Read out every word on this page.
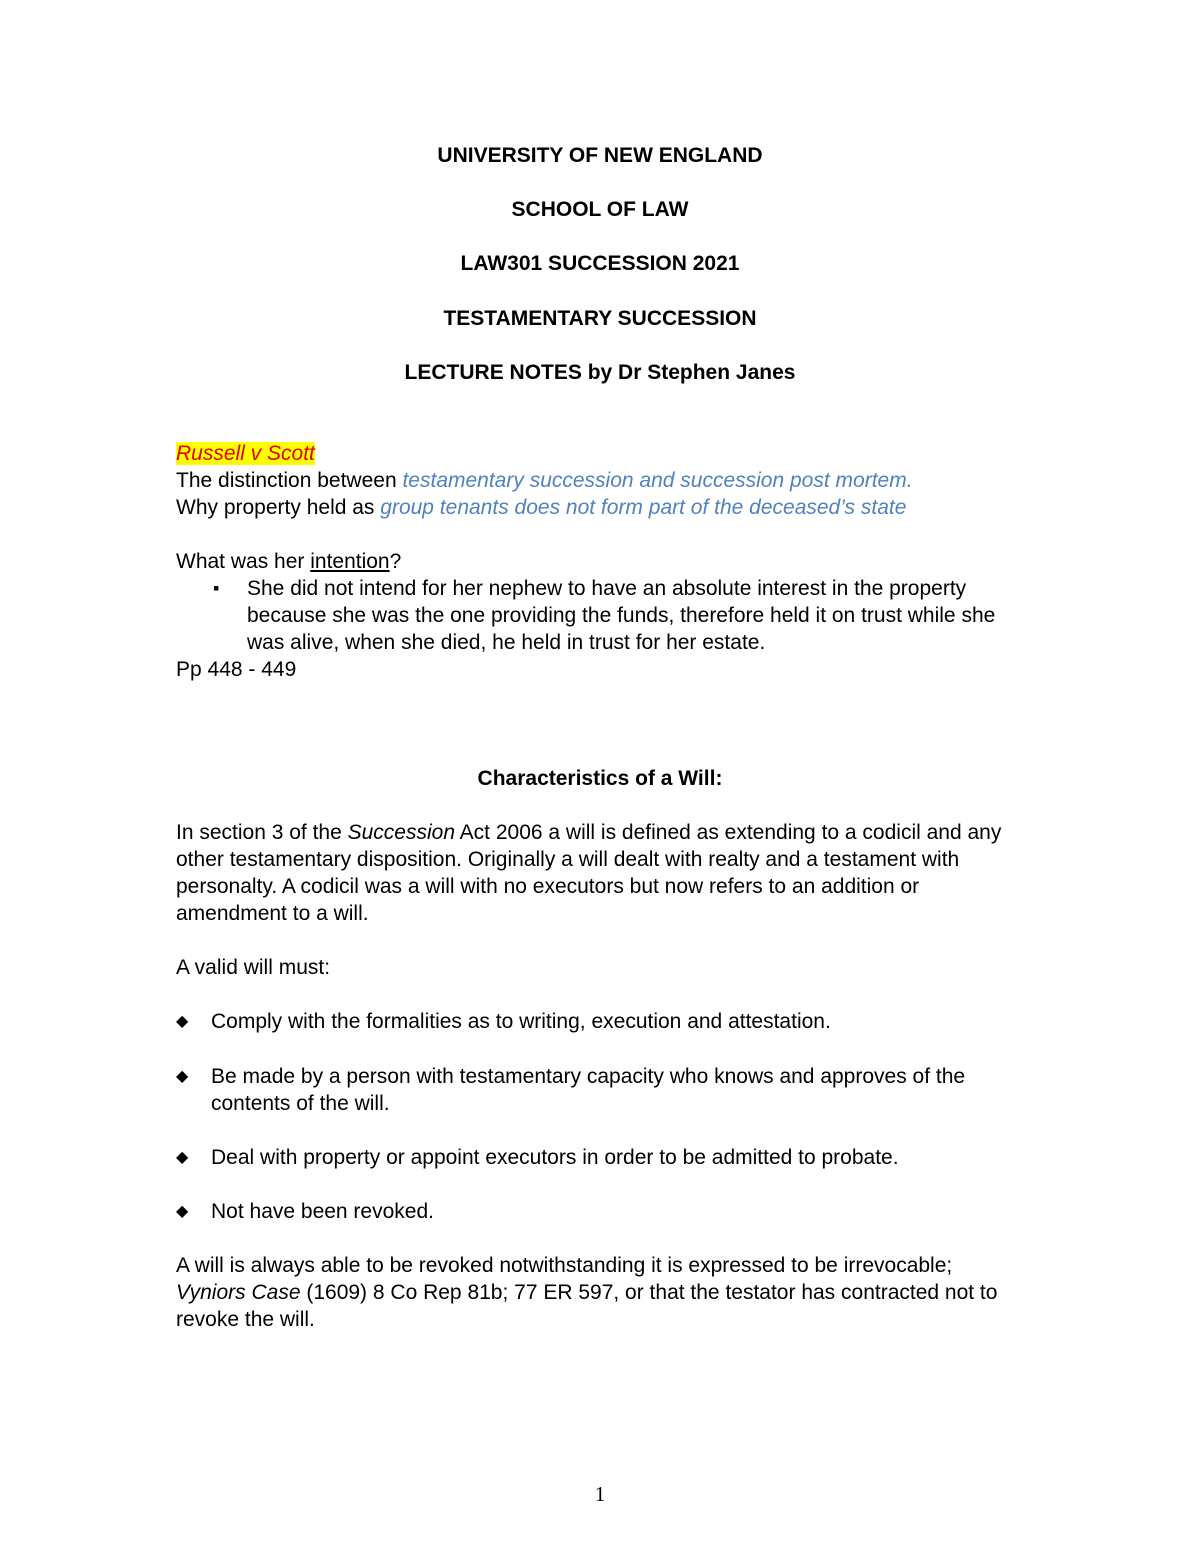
UNIVERSITY OF NEW ENGLAND

SCHOOL OF LAW

LAW301 SUCCESSION 2021

TESTAMENTARY SUCCESSION

LECTURE NOTES by Dr Stephen Janes

Russell v Scott

The distinction between testamentary succession and succession post mortem.

Why property held as group tenants does not form part of the deceased’s state

What was her intention?

▪ She did not intend for her nephew to have an absolute interest in the property because she was the one providing the funds, therefore held it on trust while she was alive, when she died, he held in trust for her estate.

Pp 448 - 449

Characteristics of a Will:

In section 3 of the Succession Act 2006 a will is defined as extending to a codicil and any other testamentary disposition. Originally a will dealt with realty and a testament with personalty. A codicil was a will with no executors but now refers to an addition or amendment to a will.

A valid will must:

◆ Comply with the formalities as to writing, execution and attestation.

◆ Be made by a person with testamentary capacity who knows and approves of the contents of the will.

◆ Deal with property or appoint executors in order to be admitted to probate.

◆ Not have been revoked.

A will is always able to be revoked notwithstanding it is expressed to be irrevocable; Vyniors Case (1609) 8 Co Rep 81b; 77 ER 597, or that the testator has contracted not to revoke the will.

1
